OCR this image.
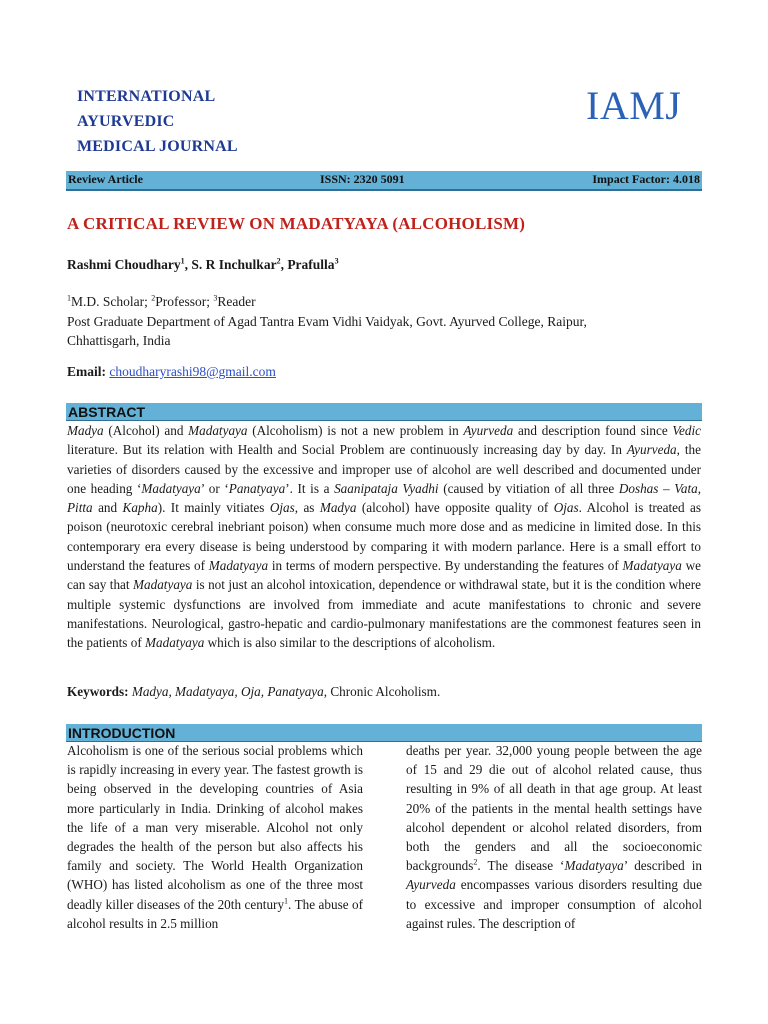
INTERNATIONAL
AYURVEDIC
MEDICAL JOURNAL
IAMJ
Review Article	ISSN: 2320 5091	Impact Factor: 4.018
A CRITICAL REVIEW ON MADATYAYA (ALCOHOLISM)
Rashmi Choudhary$^1$, S. R Inchulkar$^2$, Prafulla$^3$
$^1$M.D. Scholar; $^2$Professor; $^3$Reader
Post Graduate Department of Agad Tantra Evam Vidhi Vaidyak, Govt. Ayurved College, Raipur,
Chhattisgarh, India
Email: choudharyrashi98@gmail.com
ABSTRACT
Madya (Alcohol) and Madatyaya (Alcoholism) is not a new problem in Ayurveda and description found since Vedic literature. But its relation with Health and Social Problem are continuously increasing day by day. In Ayurveda, the varieties of disorders caused by the excessive and improper use of alcohol are well described and documented under one heading ‘Madatyaya’ or ‘Panatyaya’. It is a Saanipataja Vyadhi (caused by vitiation of all three Doshas – Vata, Pitta and Kapha). It mainly vitiates Ojas, as Madya (alcohol) have opposite quality of Ojas. Alcohol is treated as poison (neurotoxic cerebral inebriant poison) when consume much more dose and as medicine in limited dose. In this contemporary era every disease is being understood by comparing it with modern parlance. Here is a small effort to understand the features of Madatyaya in terms of modern perspective. By understanding the features of Madatyaya we can say that Madatyaya is not just an alcohol intoxication, dependence or withdrawal state, but it is the condition where multiple systemic dysfunctions are involved from immediate and acute manifestations to chronic and severe manifestations. Neurological, gastro-hepatic and cardio-pulmonary manifestations are the commonest features seen in the patients of Madatyaya which is also similar to the descriptions of alcoholism.
Keywords: Madya, Madatyaya, Oja, Panatyaya, Chronic Alcoholism.
INTRODUCTION
Alcoholism is one of the serious social problems which is rapidly increasing in every year. The fastest growth is being observed in the developing countries of Asia more particularly in India. Drinking of alcohol makes the life of a man very miserable. Alcohol not only degrades the health of the person but also affects his family and society. The World Health Organization (WHO) has listed alcoholism as one of the three most deadly killer diseases of the 20th century$^1$. The abuse of alcohol results in 2.5 million
deaths per year. 32,000 young people between the age of 15 and 29 die out of alcohol related cause, thus resulting in 9% of all death in that age group. At least 20% of the patients in the mental health settings have alcohol dependent or alcohol related disorders, from both the genders and all the socioeconomic backgrounds$^2$. The disease ‘Madatyaya’ described in Ayurveda encompasses various disorders resulting due to excessive and improper consumption of alcohol against rules. The description of
